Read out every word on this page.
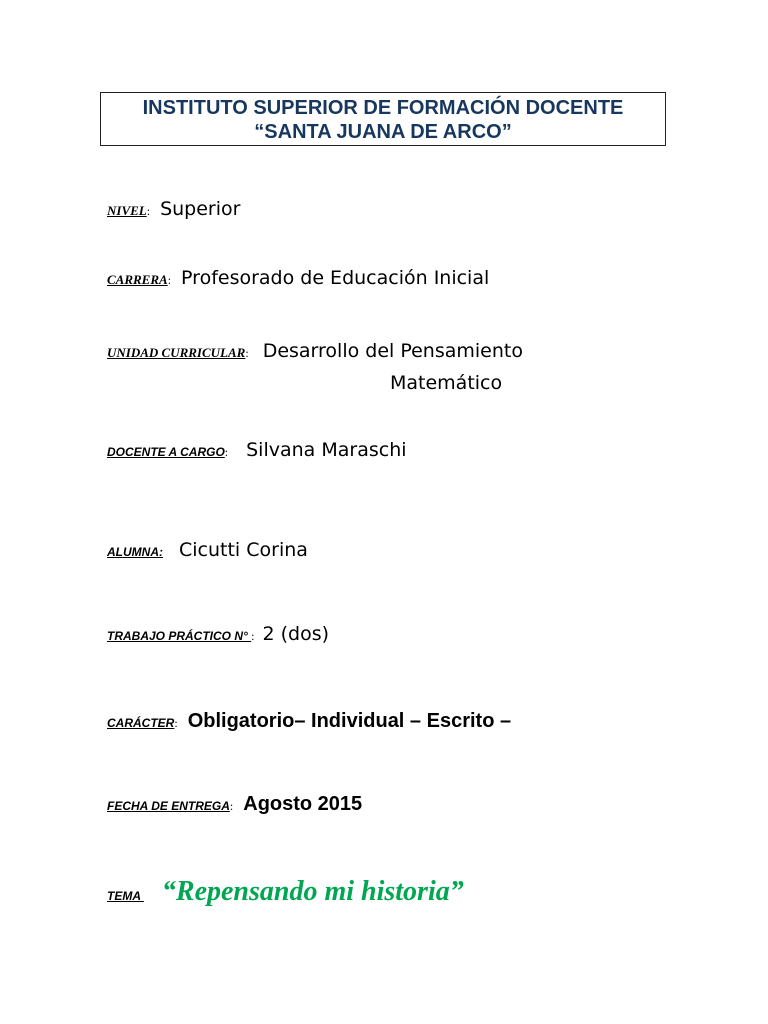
INSTITUTO SUPERIOR DE FORMACIÓN DOCENTE
“SANTA JUANA DE ARCO”
NIVEL: Superior
CARRERA: Profesorado de Educación Inicial
UNIDAD CURRICULAR: Desarrollo del Pensamiento
Matemático
DOCENTE A CARGO: Silvana Maraschi
ALUMNA: Cicutti Corina
TRABAJO PRÁCTICO N° : 2 (dos)
CARÁCTER: Obligatorio– Individual – Escrito –
FECHA DE ENTREGA: Agosto 2015
TEMA “Repensando mi historia”
